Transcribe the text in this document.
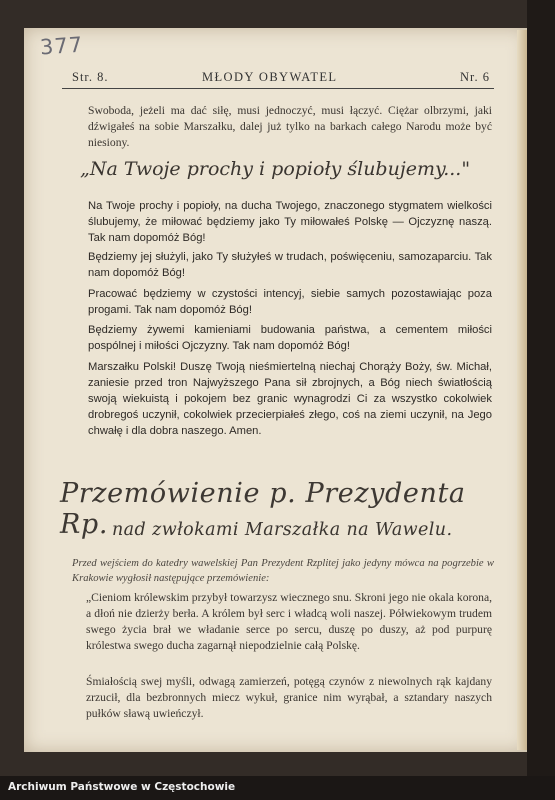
377
Str. 8.	MŁODY OBYWATEL	Nr. 6
Swoboda, jeżeli ma dać siłę, musi jednoczyć, musi łączyć. Ciężar olbrzymi, jaki dźwigałeś na sobie Marszałku, dalej już tylko na barkach całego Narodu może być niesiony.
„Na Twoje prochy i popioły ślubujemy..."
Na Twoje prochy i popioły, na ducha Twojego, znaczonego stygmatem wielkości ślubujemy, że miłować będziemy jako Ty miłowałeś Polskę — Ojczyznę naszą. Tak nam dopomóż Bóg!
Będziemy jej służyli, jako Ty służyłeś w trudach, poświęceniu, samozaparciu. Tak nam dopomóż Bóg!
Pracować będziemy w czystości intencyj, siebie samych pozostawiając poza progami. Tak nam dopomóż Bóg!
Będziemy żywemi kamieniami budowania państwa, a cementem miłości pospólnej i miłości Ojczyzny. Tak nam dopomóż Bóg!
Marszałku Polski! Duszę Twoją nieśmiertelną niechaj Chorąży Boży, św. Michał, zaniesie przed tron Najwyższego Pana sił zbrojnych, a Bóg niech światłością swoją wiekuistą i pokojem bez granic wynagrodzi Ci za wszystko cokolwiek drobregoś uczynił, cokolwiek przecierpiałeś złego, coś na ziemi uczynił, na Jego chwałę i dla dobra naszego. Amen.
Przemówienie p. Prezydenta Rp. nad zwłokami Marszałka na Wawelu.
Przed wejściem do katedry wawelskiej Pan Prezydent Rzplitej jako jedyny mówca na pogrzebie w Krakowie wygłosił następujące przemówienie:
„Cieniom królewskim przybył towarzysz wiecznego snu. Skroni jego nie okala korona, a dłoń nie dzierży berła. A królem był serc i władcą woli naszej. Półwiekowym trudem swego życia brał we władanie serce po sercu, duszę po duszy, aż pod purpurę królestwa swego ducha zagarnął niepodzielnie całą Polskę.
Śmiałością swej myśli, odwagą zamierzeń, potęgą czynów z niewolnych rąk kajdany zrzucił, dla bezbronnych miecz wykuł, granice nim wyrąbał, a sztandary naszych pułków sławą uwieńczył.
Archiwum Państwowe w Częstochowie
